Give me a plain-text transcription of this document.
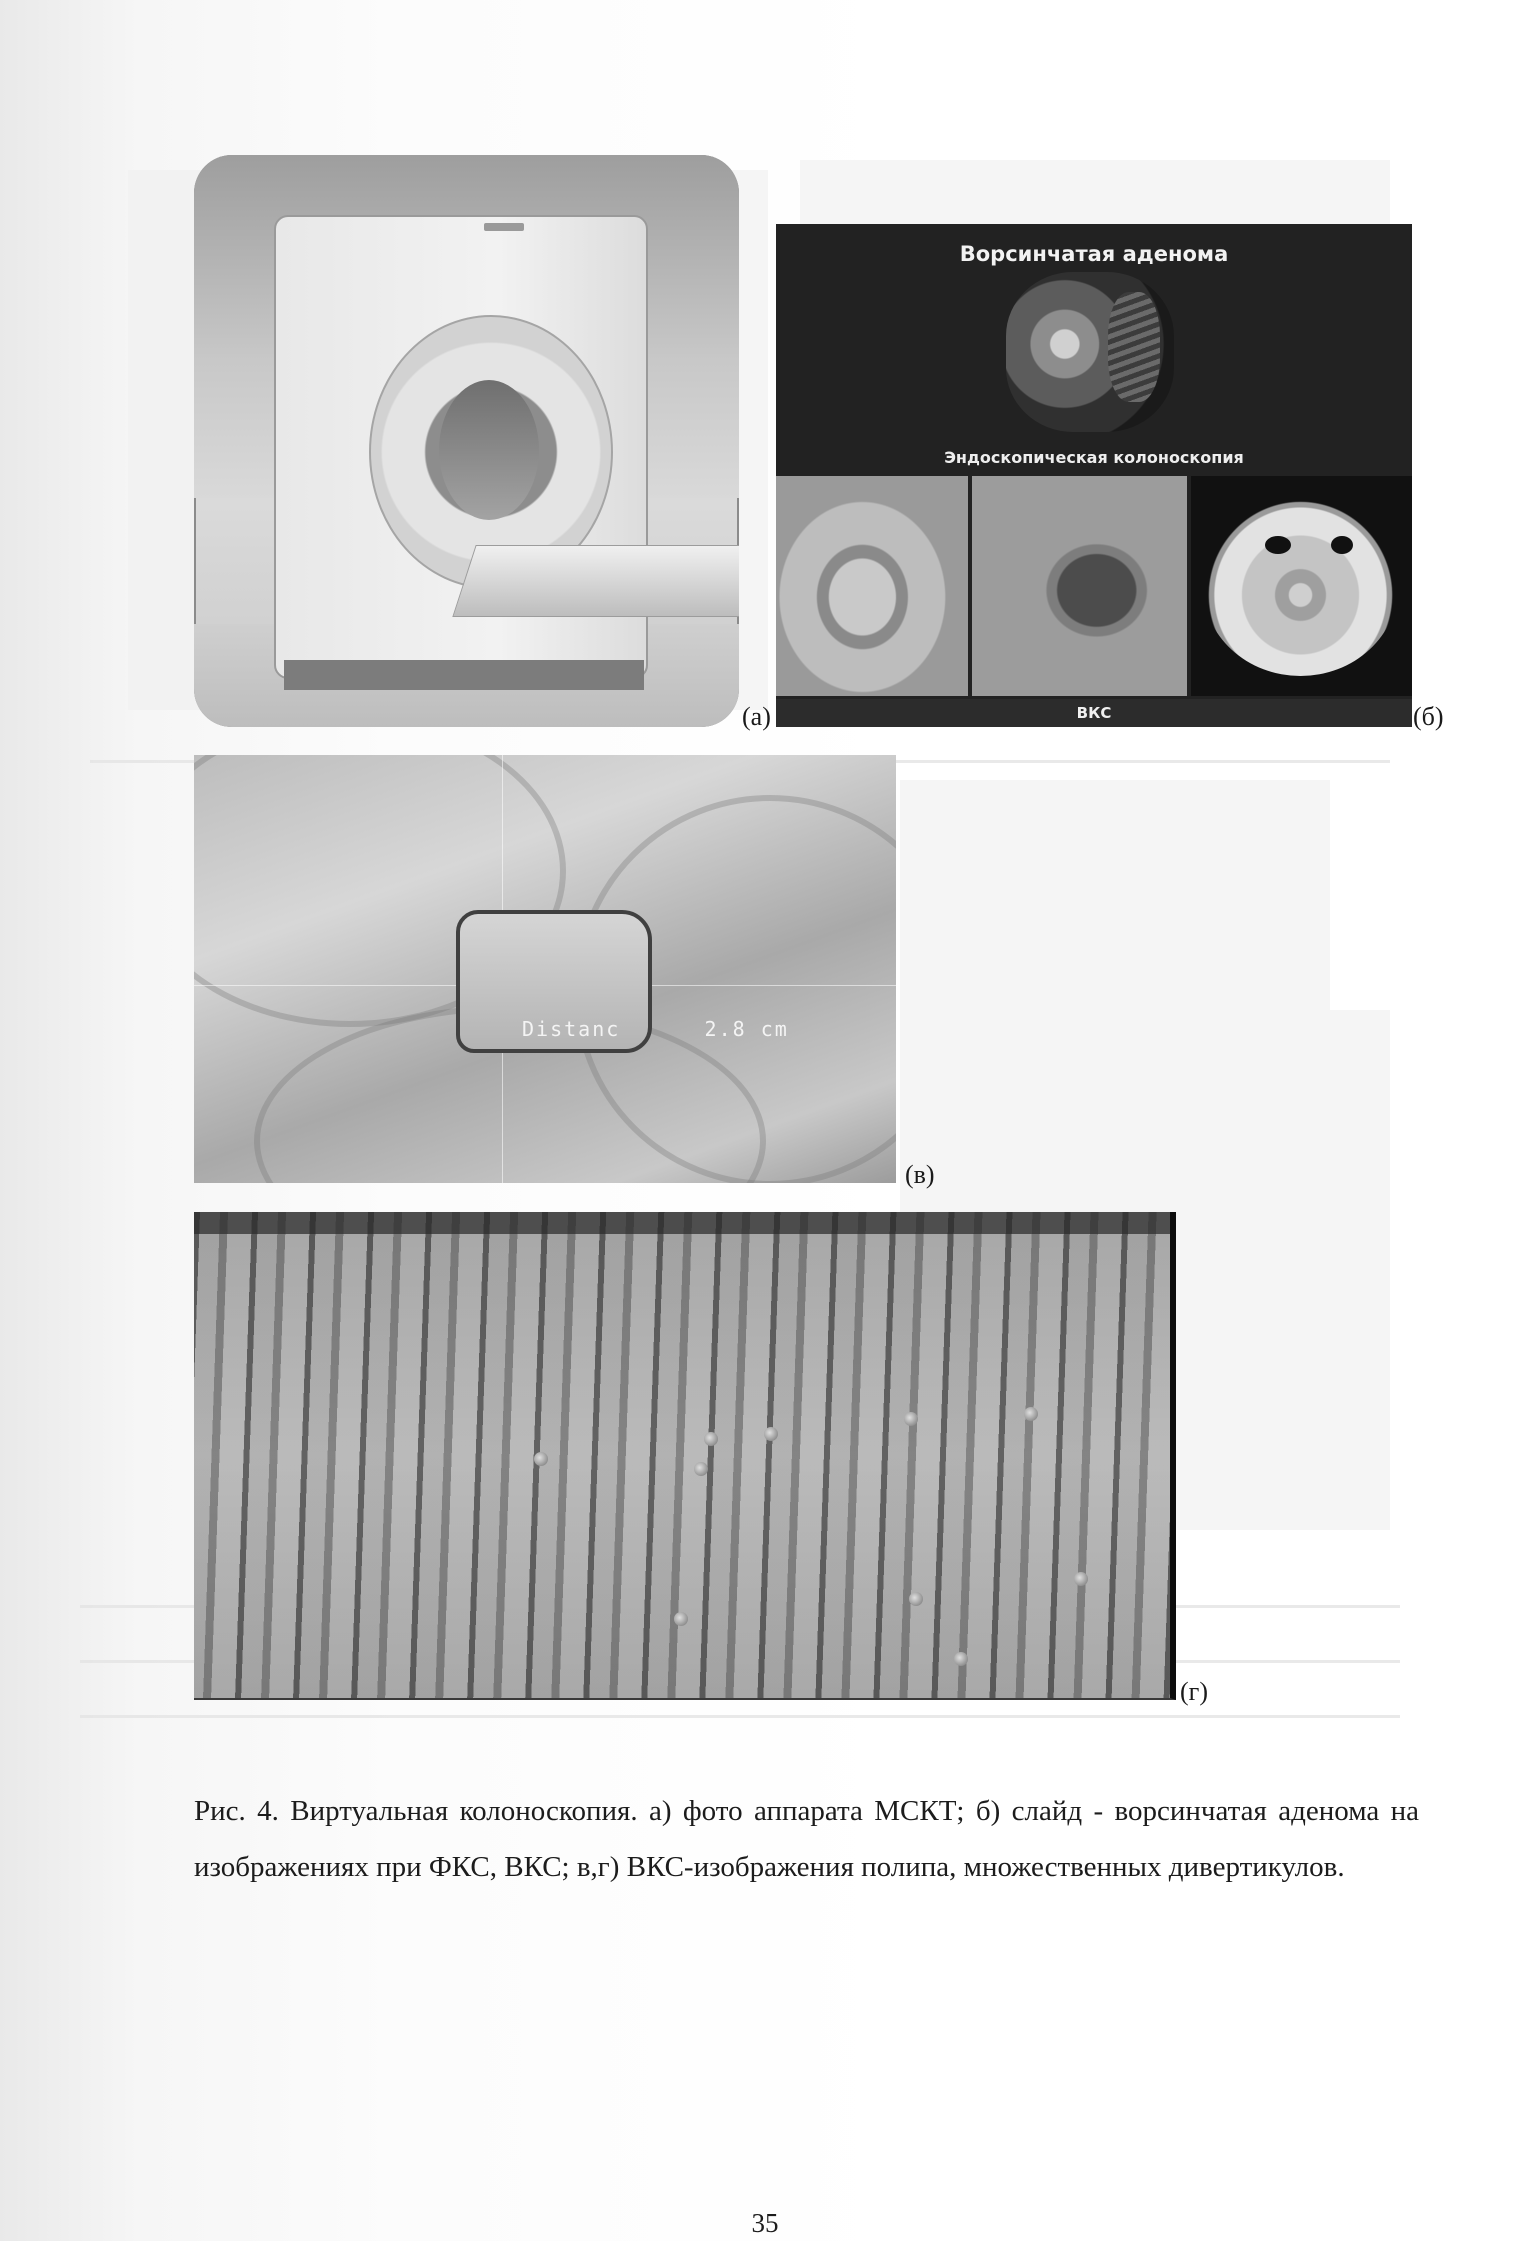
(а)
Ворсинчатая аденома
Эндоскопическая колоноскопия
ВКС	(б)
Distanc      2.8 cm
(в)
(г)
Рис. 4. Виртуальная колоноскопия. а) фото аппарата МСКТ; б) слайд - ворсинчатая аденома на изображениях при ФКС, ВКС; в,г) ВКС-изображения полипа, множественных дивертикулов.
35
